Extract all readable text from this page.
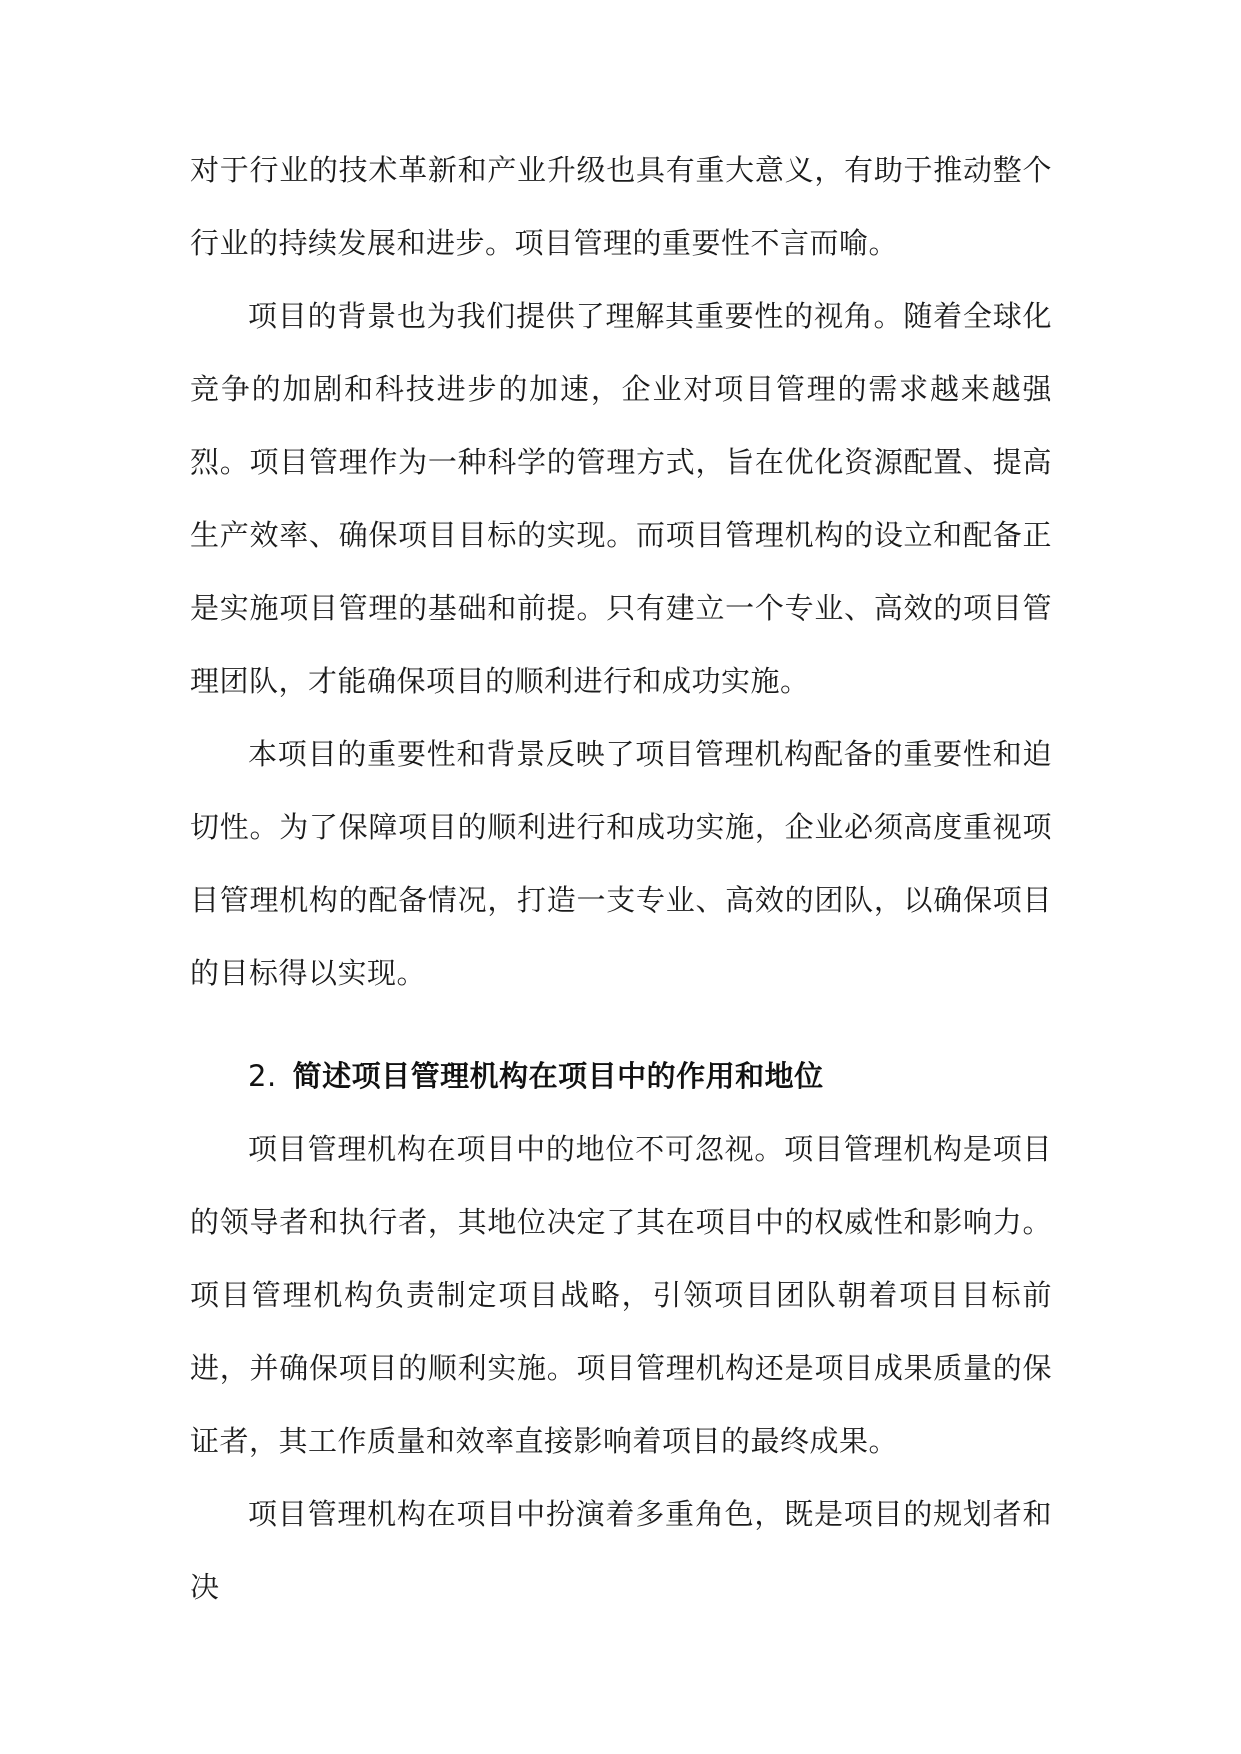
对于行业的技术革新和产业升级也具有重大意义，有助于推动整个行业的持续发展和进步。项目管理的重要性不言而喻。

项目的背景也为我们提供了理解其重要性的视角。随着全球化竞争的加剧和科技进步的加速，企业对项目管理的需求越来越强烈。项目管理作为一种科学的管理方式，旨在优化资源配置、提高生产效率、确保项目目标的实现。而项目管理机构的设立和配备正是实施项目管理的基础和前提。只有建立一个专业、高效的项目管理团队，才能确保项目的顺利进行和成功实施。

本项目的重要性和背景反映了项目管理机构配备的重要性和迫切性。为了保障项目的顺利进行和成功实施，企业必须高度重视项目管理机构的配备情况，打造一支专业、高效的团队，以确保项目的目标得以实现。

2. 简述项目管理机构在项目中的作用和地位

项目管理机构在项目中的地位不可忽视。项目管理机构是项目的领导者和执行者，其地位决定了其在项目中的权威性和影响力。项目管理机构负责制定项目战略，引领项目团队朝着项目目标前进，并确保项目的顺利实施。项目管理机构还是项目成果质量的保证者，其工作质量和效率直接影响着项目的最终成果。

项目管理机构在项目中扮演着多重角色，既是项目的规划者和决
